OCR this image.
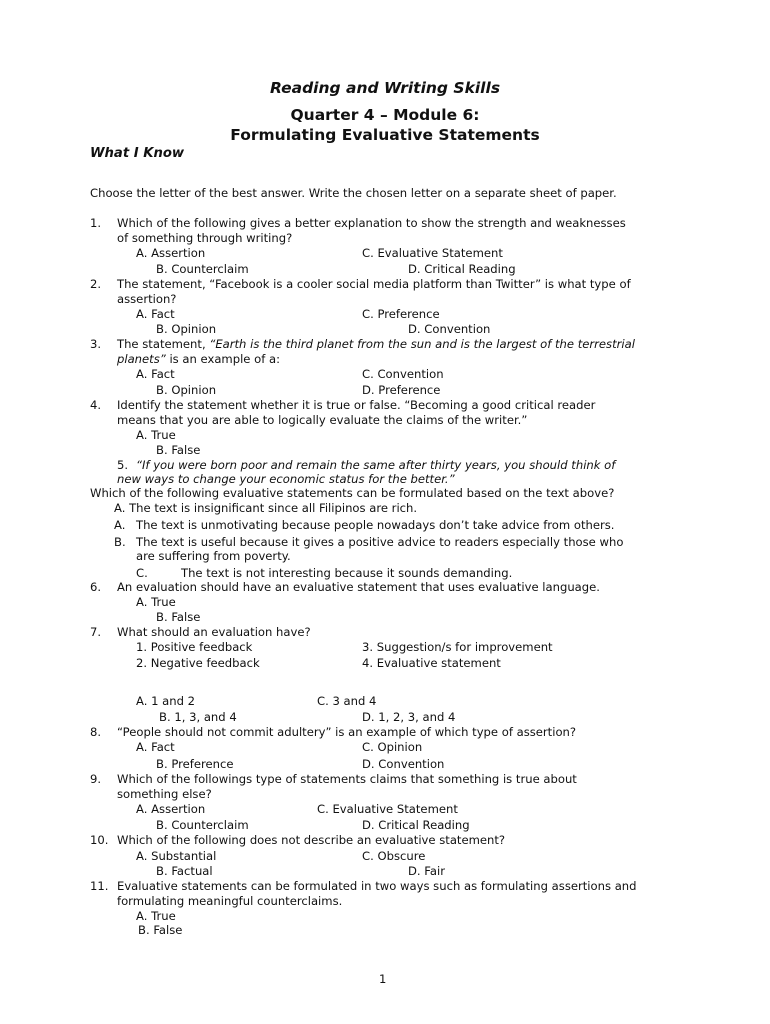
Reading and Writing Skills
Quarter 4 – Module 6:
Formulating Evaluative Statements
What I Know
Choose the letter of the best answer. Write the chosen letter on a separate sheet of paper.
1. Which of the following gives a better explanation to show the strength and weaknesses
of something through writing?
A. Assertion	C. Evaluative Statement
B. Counterclaim	D. Critical Reading
2. The statement, “Facebook is a cooler social media platform than Twitter” is what type of
assertion?
A. Fact	C. Preference
B. Opinion	D. Convention
3. The statement, “Earth is the third planet from the sun and is the largest of the terrestrial
planets” is an example of a:
A. Fact	C. Convention
B. Opinion	D. Preference
4. Identify the statement whether it is true or false. “Becoming a good critical reader
means that you are able to logically evaluate the claims of the writer.”
A. True
B. False
5. “If you were born poor and remain the same after thirty years, you should think of
new ways to change your economic status for the better.”
Which of the following evaluative statements can be formulated based on the text above?
A. The text is insignificant since all Filipinos are rich.
A. The text is unmotivating because people nowadays don’t take advice from others.
B. The text is useful because it gives a positive advice to readers especially those who
are suffering from poverty.
C.	The text is not interesting because it sounds demanding.
6. An evaluation should have an evaluative statement that uses evaluative language.
A. True
B. False
7. What should an evaluation have?
1. Positive feedback	3. Suggestion/s for improvement
2. Negative feedback	4. Evaluative statement
A. 1 and 2	C. 3 and 4
B. 1, 3, and 4	D. 1, 2, 3, and 4
8. “People should not commit adultery” is an example of which type of assertion?
A. Fact	C. Opinion
B. Preference	D. Convention
9. Which of the followings type of statements claims that something is true about
something else?
A. Assertion	C. Evaluative Statement
B. Counterclaim	D. Critical Reading
10. Which of the following does not describe an evaluative statement?
A. Substantial	C. Obscure
B. Factual	D. Fair
11. Evaluative statements can be formulated in two ways such as formulating assertions and
formulating meaningful counterclaims.
A. True
B. False
1
